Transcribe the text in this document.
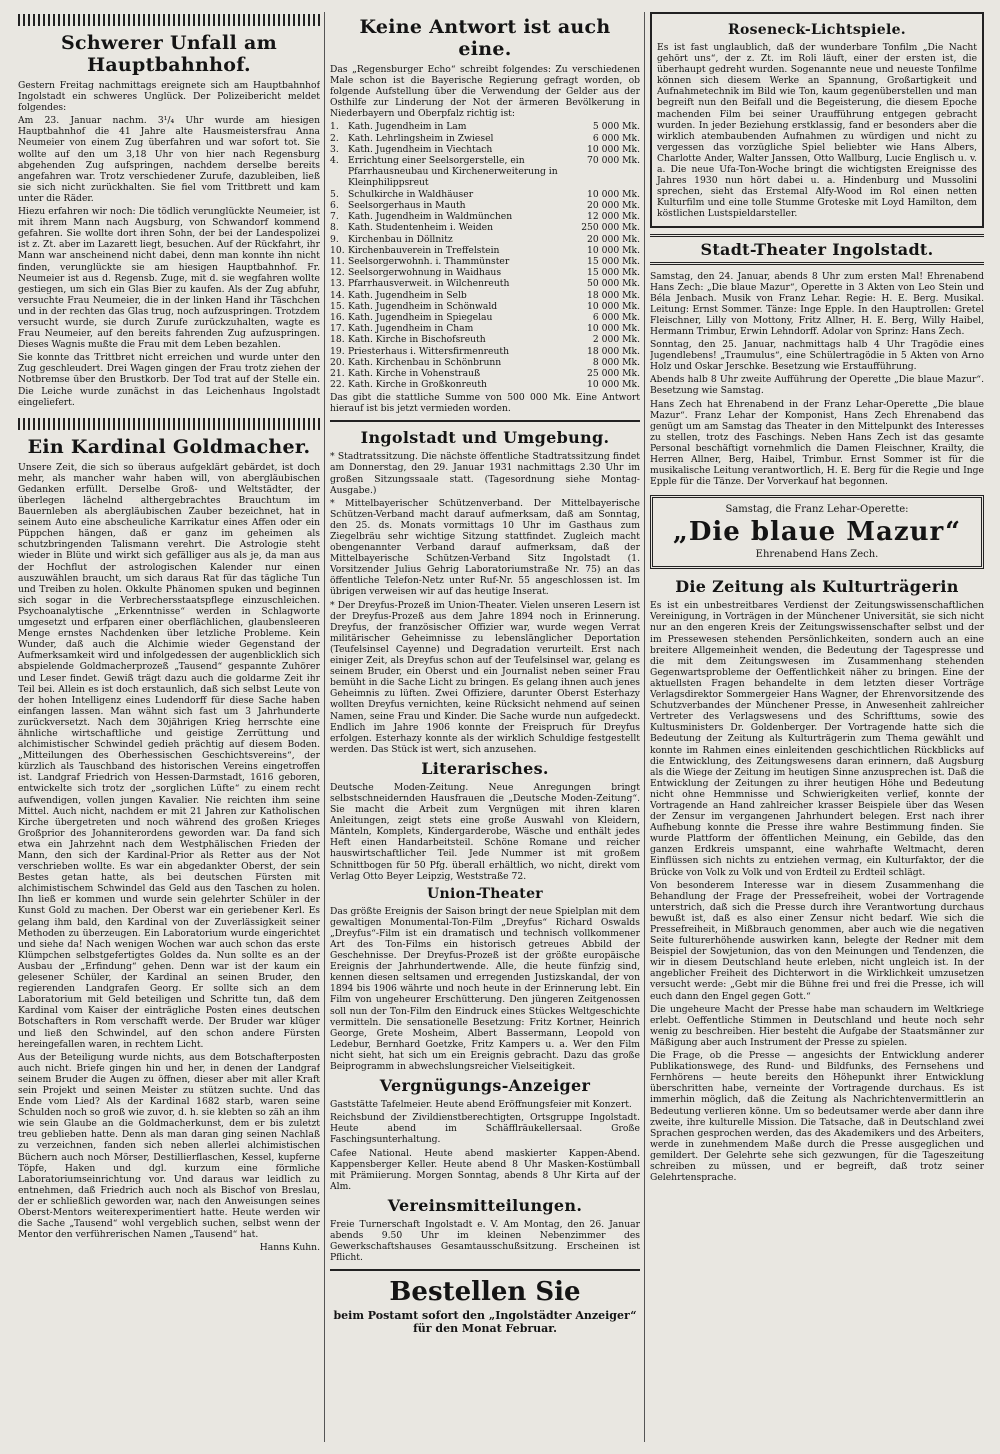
Schwerer Unfall am Hauptbahnhof.

Gestern Freitag nachmittags ereignete sich am Hauptbahnhof Ingolstadt ein schweres Unglück. Der Polizeibericht meldet folgendes:

Am 23. Januar nachm. 3¹/₄ Uhr wurde am hiesigen Hauptbahnhof die 41 Jahre alte Hausmeistersfrau Anna Neumeier von einem Zug überfahren und war sofort tot. Sie wollte auf den um 3,18 Uhr von hier nach Regensburg abgehenden Zug aufspringen, nachdem derselbe bereits angefahren war. Trotz verschiedener Zurufe, dazubleiben, ließ sie sich nicht zurückhalten. Sie fiel vom Trittbrett und kam unter die Räder.

Hiezu erfahren wir noch: Die tödlich verunglückte Neumeier, ist mit ihrem Mann nach Augsburg, von Schwandorf kommend gefahren. Sie wollte dort ihren Sohn, der bei der Landespolizei ist z. Zt. aber im Lazarett liegt, besuchen. Auf der Rückfahrt, ihr Mann war anscheinend nicht dabei, denn man konnte ihn nicht finden, verunglückte sie am hiesigen Hauptbahnhof. Fr. Neumeier ist aus d. Regensb. Zuge, mit d. sie wegfahren wollte gestiegen, um sich ein Glas Bier zu kaufen. Als der Zug abfuhr, versuchte Frau Neumeier, die in der linken Hand ihr Täschchen und in der rechten das Glas trug, noch aufzuspringen. Trotzdem versucht wurde, sie durch Zurufe zurückzuhalten, wagte es Frau Neumeier, auf den bereits fahrenden Zug aufzuspringen. Dieses Wagnis mußte die Frau mit dem Leben bezahlen.

Sie konnte das Trittbret nicht erreichen und wurde unter den Zug geschleudert. Drei Wagen gingen der Frau trotz ziehen der Notbremse über den Brustkorb. Der Tod trat auf der Stelle ein. Die Leiche wurde zunächst in das Leichenhaus Ingolstadt eingeliefert.

Ein Kardinal Goldmacher.

Unsere Zeit, die sich so überaus aufgeklärt gebärdet, ist doch mehr, als mancher wahr haben will, von abergläubischen Gedanken erfüllt. Derselbe Groß- und Weltstädter, der überlegen lächelnd althergebrachtes Brauchtum im Bauernleben als abergläubischen Zauber bezeichnet, hat in seinem Auto eine abscheuliche Karrikatur eines Affen oder ein Püppchen hängen, daß er ganz im geheimen als schutzbringenden Talismann verehrt. Die Astrologie steht wieder in Blüte und wirkt sich gefälliger aus als je, da man aus der Hochflut der astrologischen Kalender nur einen auszuwählen braucht, um sich daraus Rat für das tägliche Tun und Treiben zu holen. Okkulte Phänomen spuken und beginnen sich sogar in die Verbrechersstaatspflege einzuschleichen. Psychoanalytische „Erkenntnisse“ werden in Schlagworte umgesetzt und erfparen einer oberflächlichen, glaubensleeren Menge ernstes Nachdenken über letzliche Probleme. Kein Wunder, daß auch die Alchimie wieder Gegenstand der Aufmerksamkeit wird und infolgedessen der augenblicklich sich abspielende Goldmacherprozeß „Tausend“ gespannte Zuhörer und Leser findet. Gewiß trägt dazu auch die goldarme Zeit ihr Teil bei. Allein es ist doch erstaunlich, daß sich selbst Leute von der hohen Intelligenz eines Ludendorff für diese Sache haben einfangen lassen. Man wähnt sich fast um 3 Jahrhunderte zurückversetzt. Nach dem 30jährigen Krieg herrschte eine ähnliche wirtschaftliche und geistige Zerrüttung und alchimistischer Schwindel gedieh prächtig auf diesem Boden. „Mitteilungen des Oberhessischen Geschichtsvereins“, der kürzlich als Tauschband des historischen Vereins eingetroffen ist. Landgraf Friedrich von Hessen-Darmstadt, 1616 geboren, entwickelte sich trotz der „sorglichen Lüfte“ zu einem recht aufwendigen, vollen jungen Kavalier. Nie reichten ihm seine Mittel. Auch nicht, nachdem er mit 21 Jahren zur Katholischen Kirche übergetreten und noch während des großen Krieges Großprior des Johanniterordens geworden war. Da fand sich etwa ein Jahrzehnt nach dem Westphälischen Frieden der Mann, den sich der Kardinal-Prior als Retter aus der Not verschrieben wollte. Es war ein abgedankter Oberst, der sein Bestes getan hatte, als bei deutschen Fürsten mit alchimistischem Schwindel das Geld aus den Taschen zu holen. Ihn ließ er kommen und wurde sein gelehrter Schüler in der Kunst Gold zu machen. Der Oberst war ein geriebener Kerl. Es gelang ihm bald, den Kardinal von der Zuverlässigkeit seiner Methoden zu überzeugen. Ein Laboratorium wurde eingerichtet und siehe da! Nach wenigen Wochen war auch schon das erste Klümpchen selbstgefertigtes Goldes da. Nun sollte es an der Ausbau der „Erfindung“ gehen. Denn war ist der kaum ein gelesener Schüler, der Kardinal an seinen Bruder, den regierenden Landgrafen Georg. Er sollte sich an dem Laboratorium mit Geld beteiligen und Schritte tun, daß dem Kardinal vom Kaiser der einträgliche Posten eines deutschen Botschafters in Rom verschafft werde. Der Bruder war klüger und ließ den Schwindel, auf den schon andere Fürsten hereingefallen waren, in rechtem Licht.

Aus der Beteiligung wurde nichts, aus dem Botschafterposten auch nicht. Briefe gingen hin und her, in denen der Landgraf seinem Bruder die Augen zu öffnen, dieser aber mit aller Kraft sein Projekt und seinen Meister zu stützen suchte. Und das Ende vom Lied? Als der Kardinal 1682 starb, waren seine Schulden noch so groß wie zuvor, d. h. sie klebten so zäh an ihm wie sein Glaube an die Goldmacherkunst, dem er bis zuletzt treu geblieben hatte. Denn als man daran ging seinen Nachlaß zu verzeichnen, fanden sich neben allerlei alchimistischen Büchern auch noch Mörser, Destillierflaschen, Kessel, kupferne Töpfe, Haken und dgl. kurzum eine förmliche Laboratoriumseinrichtung vor. Und daraus war leidlich zu entnehmen, daß Friedrich auch noch als Bischof von Breslau, der er schließlich geworden war, nach den Anweisungen seines Oberst-Mentors weiterexperimentiert hatte. Heute werden wir die Sache „Tausend“ wohl vergeblich suchen, selbst wenn der Mentor den verführerischen Namen „Tausend“ hat.

Hanns Kuhn.

Keine Antwort ist auch eine.

Das „Regensburger Echo“ schreibt folgendes: Zu verschiedenen Male schon ist die Bayerische Regierung gefragt worden, ob folgende Aufstellung über die Verwendung der Gelder aus der Osthilfe zur Linderung der Not der ärmeren Bevölkerung in Niederbayern und Oberpfalz richtig ist:

1.	Kath. Jugendheim in Lam	5 000 Mk.
2.	Kath. Lehrlingsheim in Zwiesel	6 000 Mk.
3.	Kath. Jugendheim in Viechtach	10 000 Mk.
4.	Errichtung einer Seelsorgerstelle, ein Pfarrhausneubau und Kirchenerweiterung in Kleinphilippsreut
70 000 Mk.
5.	Schulkirche in Waldhäuser	10 000 Mk.
6.	Seelsorgerhaus in Mauth	20 000 Mk.
7.	Kath. Jugendheim in Waldmünchen	12 000 Mk.
8.	Kath. Studentenheim i. Weiden	250 000 Mk.
9.	Kirchenbau in Döllnitz	20 000 Mk.
10. Kirchenbauverein in Treffelstein	10 000 Mk.
11. Seelsorgerwohnh. i. Thammünster	15 000 Mk.
12. Seelsorgerwohnung in Waidhaus	15 000 Mk.
13. Pfarrhausverweit. in Wilchenreuth	50 000 Mk.
14. Kath. Jugendheim in Selb	18 000 Mk.
15. Kath. Jugendheim in Schönwald	10 000 Mk.
16. Kath. Jugendheim in Spiegelau	6 000 Mk.
17. Kath. Jugendheim in Cham	10 000 Mk.
18. Kath. Kirche in Bischofsreuth	2 000 Mk.
19. Priesterhaus i. Wittersfirmenreuth	18 000 Mk.
20. Kath. Kirchenbau in Schönbrunn	8 000 Mk.
21. Kath. Kirche in Vohenstrauß	25 000 Mk.
22. Kath. Kirche in Großkonreuth	10 000 Mk.

Das gibt die stattliche Summe von 500 000 Mk. Eine Antwort hierauf ist bis jetzt vermieden worden.

Ingolstadt und Umgebung.

* Stadtratssitzung. Die nächste öffentliche Stadtratssitzung findet am Donnerstag, den 29. Januar 1931 nachmittags 2.30 Uhr im großen Sitzungssaale statt. (Tagesordnung siehe Montag-Ausgabe.)

* Mittelbayerischer Schützenverband. Der Mittelbayerische Schützen-Verband macht darauf aufmerksam, daß am Sonntag, den 25. ds. Monats vormittags 10 Uhr im Gasthaus zum Ziegelbräu sehr wichtige Sitzung stattfindet. Zugleich macht obengenannter Verband darauf aufmerksam, daß der Mittelbayerische Schützen-Verband Sitz Ingolstadt (1. Vorsitzender Julius Gehrig Laboratoriumstraße Nr. 75) an das öffentliche Telefon-Netz unter Ruf-Nr. 55 angeschlossen ist. Im übrigen verweisen wir auf das heutige Inserat.

* Der Dreyfus-Prozeß im Union-Theater. Vielen unseren Lesern ist der Dreyfus-Prozeß aus dem Jahre 1894 noch in Erinnerung. Dreyfus, der französischer Offizier war, wurde wegen Verrat militärischer Geheimnisse zu lebenslänglicher Deportation (Teufelsinsel Cayenne) und Degradation verurteilt. Erst nach einiger Zeit, als Dreyfus schon auf der Teufelsinsel war, gelang es seinem Bruder, ein Oberst und ein Journalist neben seiner Frau bemüht in die Sache Licht zu bringen. Es gelang ihnen auch jenes Geheimnis zu lüften. Zwei Offiziere, darunter Oberst Esterhazy wollten Dreyfus vernichten, keine Rücksicht nehmend auf seinen Namen, seine Frau und Kinder. Die Sache wurde nun aufgedeckt. Endlich im Jahre 1906 konnte der Freispruch für Dreyfus erfolgen. Esterhazy konnte als der wirklich Schuldige festgestellt werden. Das Stück ist wert, sich anzusehen.

Literarisches.

Deutsche Moden-Zeitung. Neue Anregungen bringt selbstschneidernden Hausfrauen die „Deutsche Moden-Zeitung“. Sie macht die Arbeit zum Vergnügen mit ihren klaren Anleitungen, zeigt stets eine große Auswahl von Kleidern, Mänteln, Komplets, Kindergarderobe, Wäsche und enthält jedes Heft einen Handarbeitsteil. Schöne Romane und reicher hauswirtschaftlicher Teil. Jede Nummer ist mit großem Schnittbogen für 50 Pfg. überall erhältlich, wo nicht, direkt vom Verlag Otto Beyer Leipzig, Weststraße 72.

Union-Theater

Das größte Ereignis der Saison bringt der neue Spielplan mit dem gewaltigen Monumental-Ton-Film „Dreyfus“ Richard Oswalds „Dreyfus“-Film ist ein dramatisch und technisch vollkommener Art des Ton-Films ein historisch getreues Abbild der Geschehnisse. Der Dreyfus-Prozeß ist der größte europäische Ereignis der Jahrhundertwende. Alle, die heute fünfzig sind, kennen diesen seltsamen und erregenden Justizskandal, der von 1894 bis 1906 währte und noch heute in der Erinnerung lebt. Ein Film von ungeheurer Erschütterung. Den jüngeren Zeitgenossen soll nun der Ton-Film den Eindruck eines Stückes Weltgeschichte vermitteln. Die sensationelle Besetzung: Fritz Kortner, Heinrich George, Grete Mosheim, Albert Bassermann, Leopold von Ledebur, Bernhard Goetzke, Fritz Kampers u. a. Wer den Film nicht sieht, hat sich um ein Ereignis gebracht. Dazu das große Beiprogramm in abwechslungsreicher Vielseitigkeit.

Vergnügungs-Anzeiger

Gaststätte Tafelmeier. Heute abend Eröffnungsfeier mit Konzert.

Reichsbund der Zivildienstberechtigten, Ortsgruppe Ingolstadt. Heute abend im Schäfflräukellersaal. Große Faschingsunterhaltung.

Cafee National. Heute abend maskierter Kappen-Abend. Kappensberger Keller. Heute abend 8 Uhr Masken-Kostümball mit Prämiierung. Morgen Sonntag, abends 8 Uhr Kirta auf der Alm.

Vereinsmitteilungen.

Freie Turnerschaft Ingolstadt e. V. Am Montag, den 26. Januar abends 9.50 Uhr im kleinen Nebenzimmer des Gewerkschaftshauses Gesamtausschußsitzung. Erscheinen ist Pflicht.

Bestellen Sie
beim Postamt sofort den „Ingolstädter Anzeiger“ für den Monat Februar.
Roseneck-Lichtspiele.

Es ist fast unglaublich, daß der wunderbare Tonfilm „Die Nacht gehört uns“, der z. Zt. im Roli läuft, einer der ersten ist, die überhaupt gedreht wurden. Sogenannte neue und neueste Tonfilme können sich diesem Werke an Spannung, Großartigkeit und Aufnahmetechnik im Bild wie Ton, kaum gegenüberstellen und man begreift nun den Beifall und die Begeisterung, die diesem Epoche machenden Film bei seiner Uraufführung entgegen gebracht wurden. In jeder Beziehung erstklassig, fand er besonders aber die wirklich atembaubenden Aufnahmen zu würdigen und nicht zu vergessen das vorzügliche Spiel beliebter wie Hans Albers, Charlotte Ander, Walter Janssen, Otto Wallburg, Lucie Englisch u. v. a. Die neue Ufa-Ton-Woche bringt die wichtigsten Ereignisse des Jahres 1930 nun hört dabei u. a. Hindenburg und Mussolini sprechen, sieht das Erstemal Alfy-Wood im Rol einen netten Kulturfilm und eine tolle Stumme Groteske mit Loyd Hamilton, dem köstlichen Lustspieldarsteller.

Stadt-Theater Ingolstadt.

Samstag, den 24. Januar, abends 8 Uhr zum ersten Mal! Ehrenabend Hans Zech: „Die blaue Mazur“, Operette in 3 Akten von Leo Stein und Béla Jenbach. Musik von Franz Lehar. Regie: H. E. Berg. Musikal. Leitung: Ernst Sommer. Tänze: Inge Epple. In den Hauptrollen: Gretel Fleischner, Lilly von Mottony, Fritz Allner, H. E. Berg, Willy Haibel, Hermann Trimbur, Erwin Lehndorff. Adolar von Sprinz: Hans Zech.

Sonntag, den 25. Januar, nachmittags halb 4 Uhr Tragödie eines Jugendlebens! „Traumulus“, eine Schülertragödie in 5 Akten von Arno Holz und Oskar Jerschke. Besetzung wie Erstaufführung.

Abends halb 8 Uhr zweite Aufführung der Operette „Die blaue Mazur“. Besetzung wie Samstag.

Hans Zech hat Ehrenabend in der Franz Lehar-Operette „Die blaue Mazur“. Franz Lehar der Komponist, Hans Zech Ehrenabend das genügt um am Samstag das Theater in den Mittelpunkt des Interesses zu stellen, trotz des Faschings. Neben Hans Zech ist das gesamte Personal beschäftigt vornehmlich die Damen Fleischner, Krailty, die Herren Allner, Berg, Haibel, Trimbur. Ernst Sommer ist für die musikalische Leitung verantwortlich, H. E. Berg für die Regie und Inge Epple für die Tänze. Der Vorverkauf hat begonnen.

Samstag, die Franz Lehar-Operette:
„Die blaue Mazur“
Ehrenabend Hans Zech.
Die Zeitung als Kulturträgerin

Es ist ein unbestreitbares Verdienst der Zeitungswissenschaftlichen Vereinigung, in Vorträgen in der Münchener Universität, sie sich nicht nur an den engeren Kreis der Zeitungswissenschafter selbst und der im Pressewesen stehenden Persönlichkeiten, sondern auch an eine breitere Allgemeinheit wenden, die Bedeutung der Tagespresse und die mit dem Zeitungswesen im Zusammenhang stehenden Gegenwartsprobleme der Oeffentlichkeit näher zu bringen. Eine der aktuellsten Fragen behandelte in dem letzten dieser Vorträge Verlagsdirektor Sommergeier Hans Wagner, der Ehrenvorsitzende des Schutzverbandes der Münchener Presse, in Anwesenheit zahlreicher Vertreter des Verlagswesens und des Schrifttums, sowie des Kultusministers Dr. Goldenberger. Der Vortragende hatte sich die Bedeutung der Zeitung als Kulturträgerin zum Thema gewählt und konnte im Rahmen eines einleitenden geschichtlichen Rückblicks auf die Entwicklung, des Zeitungswesens daran erinnern, daß Augsburg als die Wiege der Zeitung im heutigen Sinne anzusprechen ist. Daß die Entwicklung der Zeitungen zu ihrer heutigen Höhe und Bedeutung nicht ohne Hemmnisse und Schwierigkeiten verlief, konnte der Vortragende an Hand zahlreicher krasser Beispiele über das Wesen der Zensur im vergangenen Jahrhundert belegen. Erst nach ihrer Aufhebung konnte die Presse ihre wahre Bestimmung finden. Sie wurde Plattform der öffentlichen Meinung, ein Gebilde, das den ganzen Erdkreis umspannt, eine wahrhafte Weltmacht, deren Einflüssen sich nichts zu entziehen vermag, ein Kulturfaktor, der die Brücke von Volk zu Volk und von Erdteil zu Erdteil schlägt.

Von besonderem Interesse war in diesem Zusammenhang die Behandlung der Frage der Pressefreiheit, wobei der Vortragende unterstrich, daß sich die Presse durch ihre Verantwortung durchaus bewußt ist, daß es also einer Zensur nicht bedarf. Wie sich die Pressefreiheit, in Mißbrauch genommen, aber auch wie die negativen Seite fulturerhöhende auswirken kann, belegte der Redner mit dem Beispiel der Sowjetunion, das von den Meinungen und Tendenzen, die wir in diesem Deutschland heute erleben, nicht ungleich ist. In der angeblicher Freiheit des Dichterwort in die Wirklichkeit umzusetzen versucht werde: „Gebt mir die Bühne frei und frei die Presse, ich will euch dann den Engel gegen Gott.“

Die ungeheure Macht der Presse habe man schaudern im Weltkriege erlebt. Oeffentliche Stimmen in Deutschland und heute noch sehr wenig zu beschreiben. Hier besteht die Aufgabe der Staatsmänner zur Mäßigung aber auch Instrument der Presse zu spielen.

Die Frage, ob die Presse — angesichts der Entwicklung anderer Publikationswege, des Rund- und Bildfunks, des Fernsehens und Fernhörens — heute bereits den Höhepunkt ihrer Entwicklung überschritten habe, verneinte der Vortragende durchaus. Es ist immerhin möglich, daß die Zeitung als Nachrichtenvermittlerin an Bedeutung verlieren könne. Um so bedeutsamer werde aber dann ihre zweite, ihre kulturelle Mission. Die Tatsache, daß in Deutschland zwei Sprachen gesprochen werden, das des Akademikers und des Arbeiters, werde in zunehmendem Maße durch die Presse ausgeglichen und gemildert. Der Gelehrte sehe sich gezwungen, für die Tageszeitung schreiben zu müssen, und er begreift, daß trotz seiner Gelehrtensprache.
